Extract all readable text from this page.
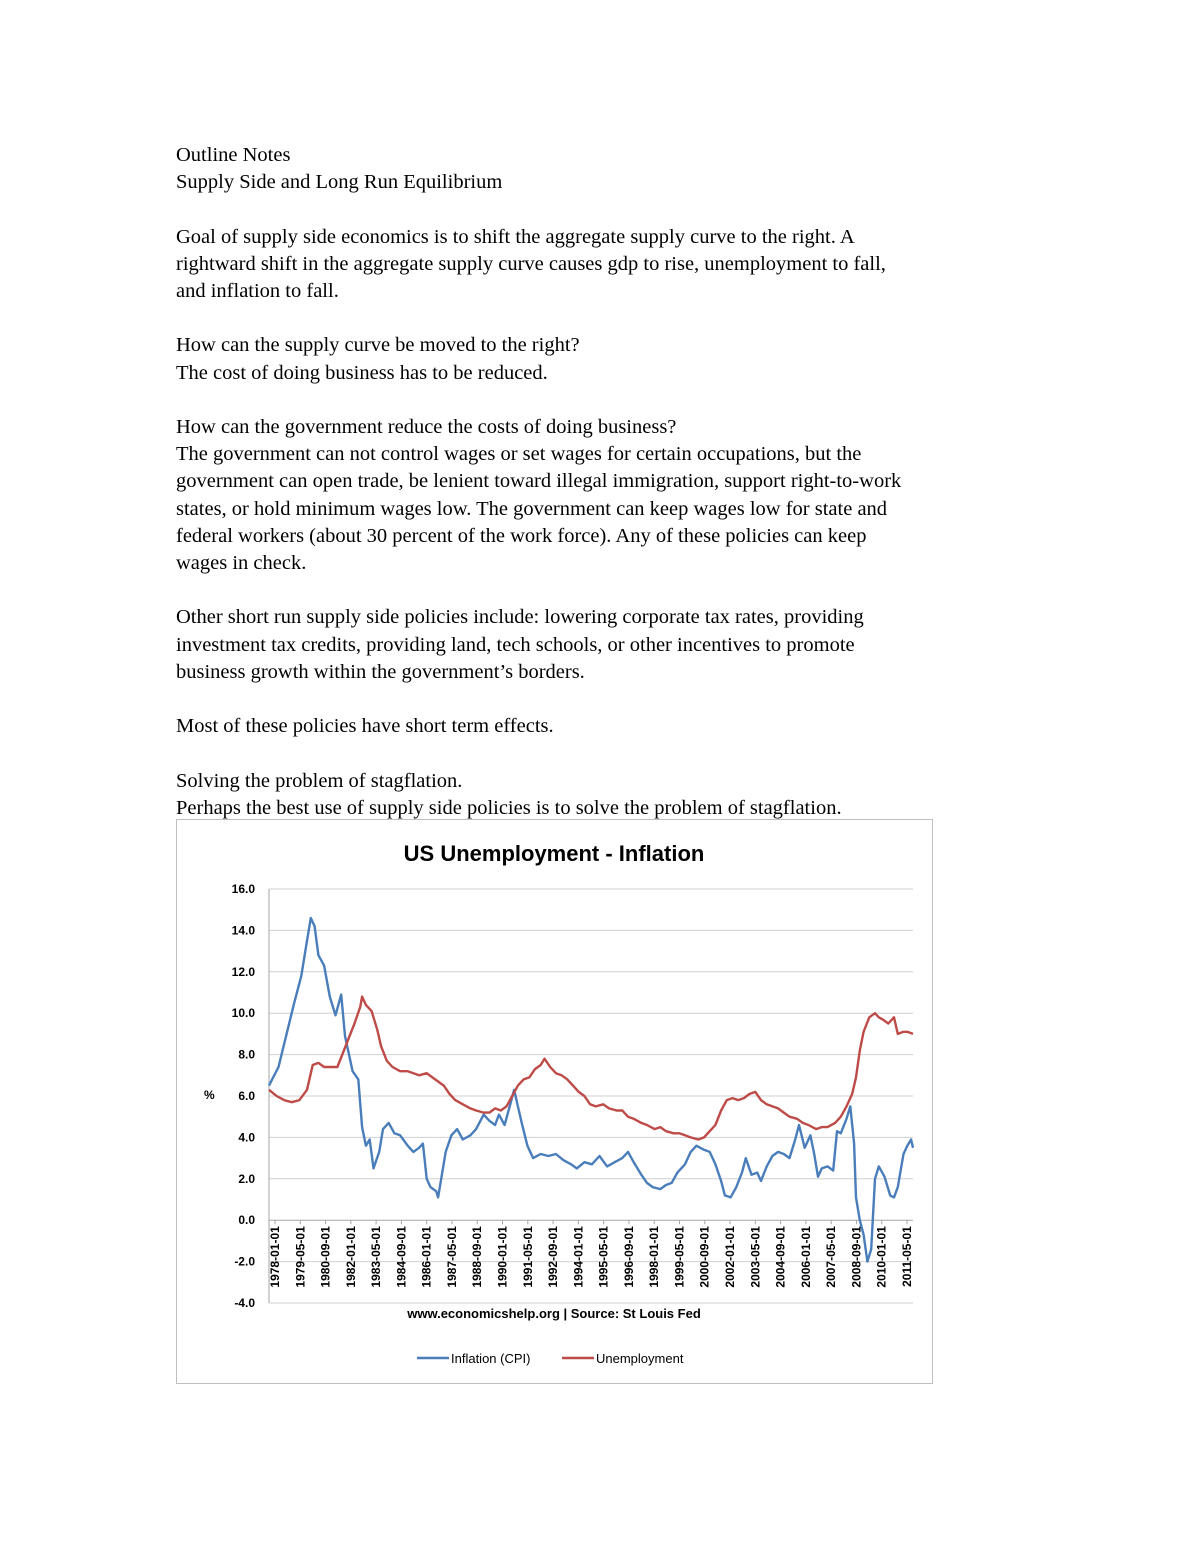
Outline Notes

Supply Side and Long Run Equilibrium

Goal of supply side economics is to shift the aggregate supply curve to the right. A
rightward shift in the aggregate supply curve causes gdp to rise, unemployment to fall,
and inflation to fall.

How can the supply curve be moved to the right?
The cost of doing business has to be reduced.

How can the government reduce the costs of doing business?
The government can not control wages or set wages for certain occupations, but the
government can open trade, be lenient toward illegal immigration, support right-to-work
states, or hold minimum wages low. The government can keep wages low for state and
federal workers (about 30 percent of the work force). Any of these policies can keep
wages in check.

Other short run supply side policies include: lowering corporate tax rates, providing
investment tax credits, providing land, tech schools, or other incentives to promote
business growth within the government’s borders.

Most of these policies have short term effects.

Solving the problem of stagflation.
Perhaps the best use of supply side policies is to solve the problem of stagflation.

US Unemployment - Inflation
16.0
14.0
12.0
10.0
8.0
6.0
4.0
2.0
0.0
-2.0
-4.0
%
1978-01-01 1979-05-01 1980-09-01 1982-01-01 1983-05-01 1984-09-01 1986-01-01 1987-05-01 1988-09-01 1990-01-01 1991-05-01 1992-09-01 1994-01-01 1995-05-01 1996-09-01 1998-01-01 1999-05-01 2000-09-01 2002-01-01 2003-05-01 2004-09-01 2006-01-01 2007-05-01 2008-09-01 2010-01-01 2011-05-01
www.economicshelp.org | Source: St Louis Fed
Inflation (CPI)	Unemployment
